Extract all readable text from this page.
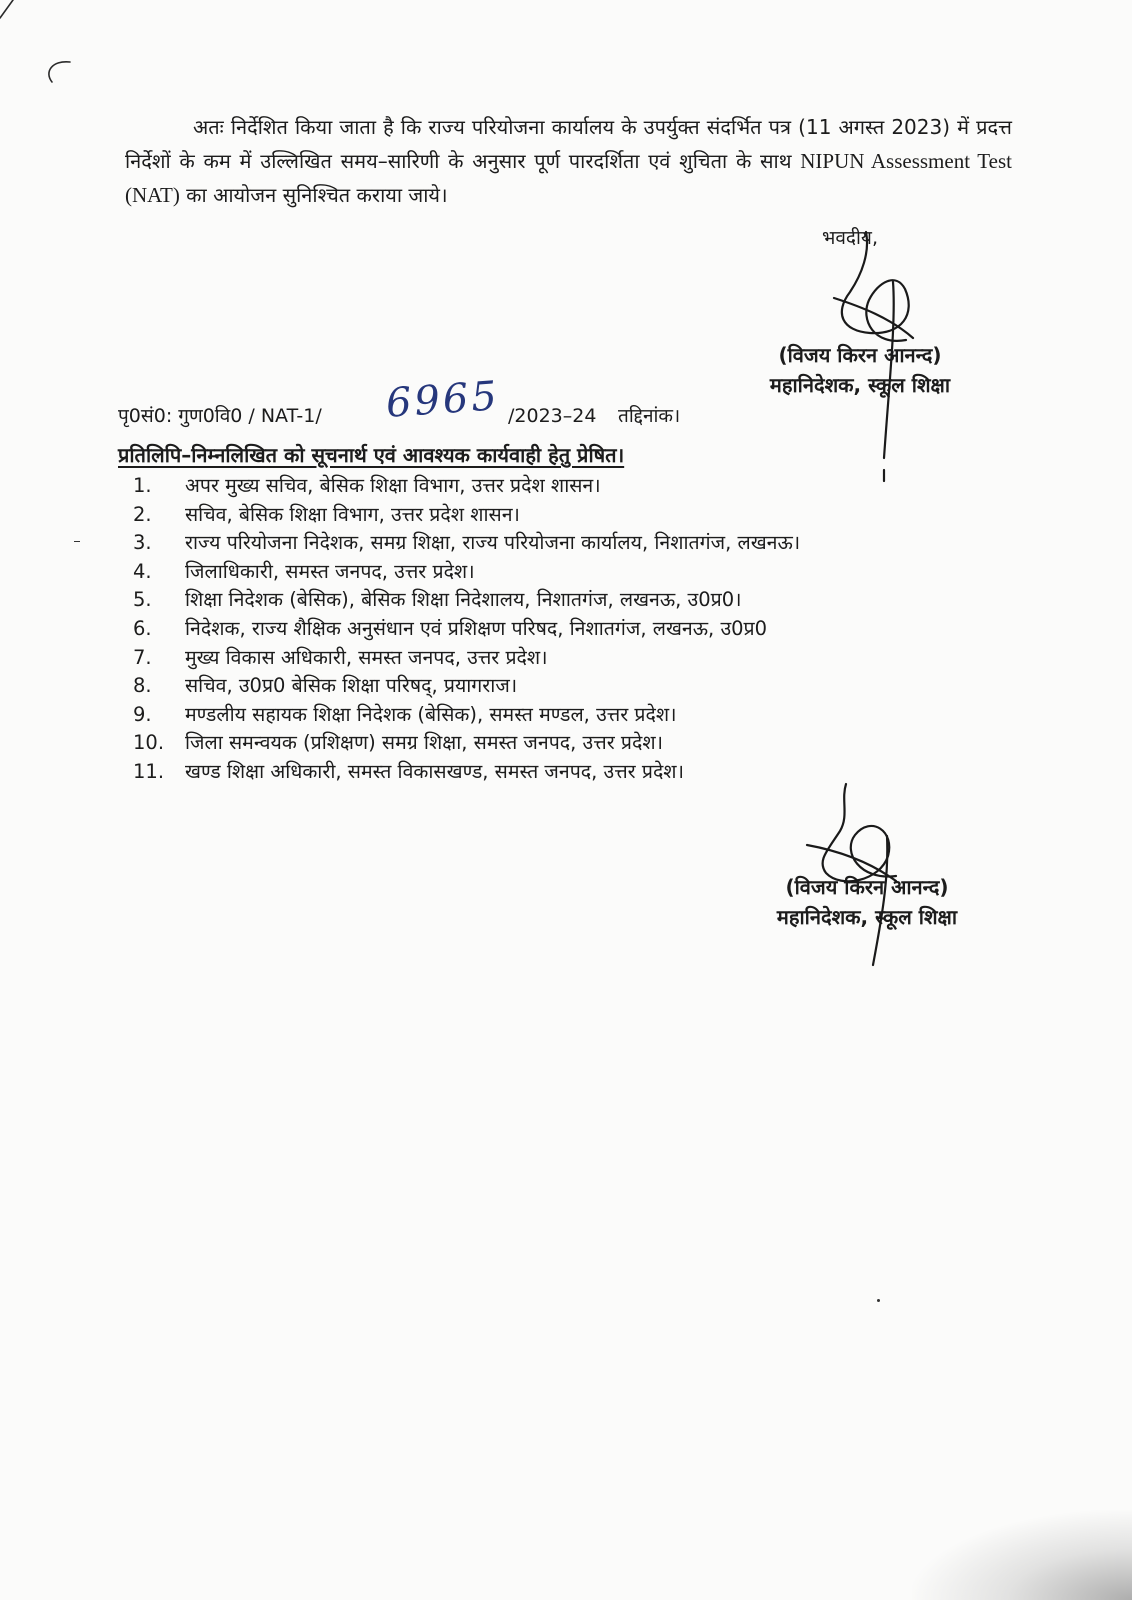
अतः निर्देशित किया जाता है कि राज्य परियोजना कार्यालय के उपर्युक्त संदर्भित पत्र (11 अगस्त 2023) में प्रदत्त निर्देशों के कम में उल्लिखित समय–सारिणी के अनुसार पूर्ण पारदर्शिता एवं शुचिता के साथ NIPUN Assessment Test (NAT) का आयोजन सुनिश्चित कराया जाये।

भवदीय,
(विजय किरन आनन्द)
महानिदेशक, स्कूल शिक्षा
पृ0सं0: गुण0वि0 / NAT-1/ 6965 /2023–24 तद्दिनांक।
प्रतिलिपि–निम्नलिखित को सूचनार्थ एवं आवश्यक कार्यवाही हेतु प्रेषित।
1.	अपर मुख्य सचिव, बेसिक शिक्षा विभाग, उत्तर प्रदेश शासन।
2.	सचिव, बेसिक शिक्षा विभाग, उत्तर प्रदेश शासन।
3.	राज्य परियोजना निदेशक, समग्र शिक्षा, राज्य परियोजना कार्यालय, निशातगंज, लखनऊ।
4.	जिलाधिकारी, समस्त जनपद, उत्तर प्रदेश।
5.	शिक्षा निदेशक (बेसिक), बेसिक शिक्षा निदेशालय, निशातगंज, लखनऊ, उ0प्र0।
6.	निदेशक, राज्य शैक्षिक अनुसंधान एवं प्रशिक्षण परिषद, निशातगंज, लखनऊ, उ0प्र0
7.	मुख्य विकास अधिकारी, समस्त जनपद, उत्तर प्रदेश।
8.	सचिव, उ0प्र0 बेसिक शिक्षा परिषद्, प्रयागराज।
9.	मण्डलीय सहायक शिक्षा निदेशक (बेसिक), समस्त मण्डल, उत्तर प्रदेश।
10.	जिला समन्वयक (प्रशिक्षण) समग्र शिक्षा, समस्त जनपद, उत्तर प्रदेश।
11.	खण्ड शिक्षा अधिकारी, समस्त विकासखण्ड, समस्त जनपद, उत्तर प्रदेश।
(विजय किरन आनन्द)
महानिदेशक, स्कूल शिक्षा
